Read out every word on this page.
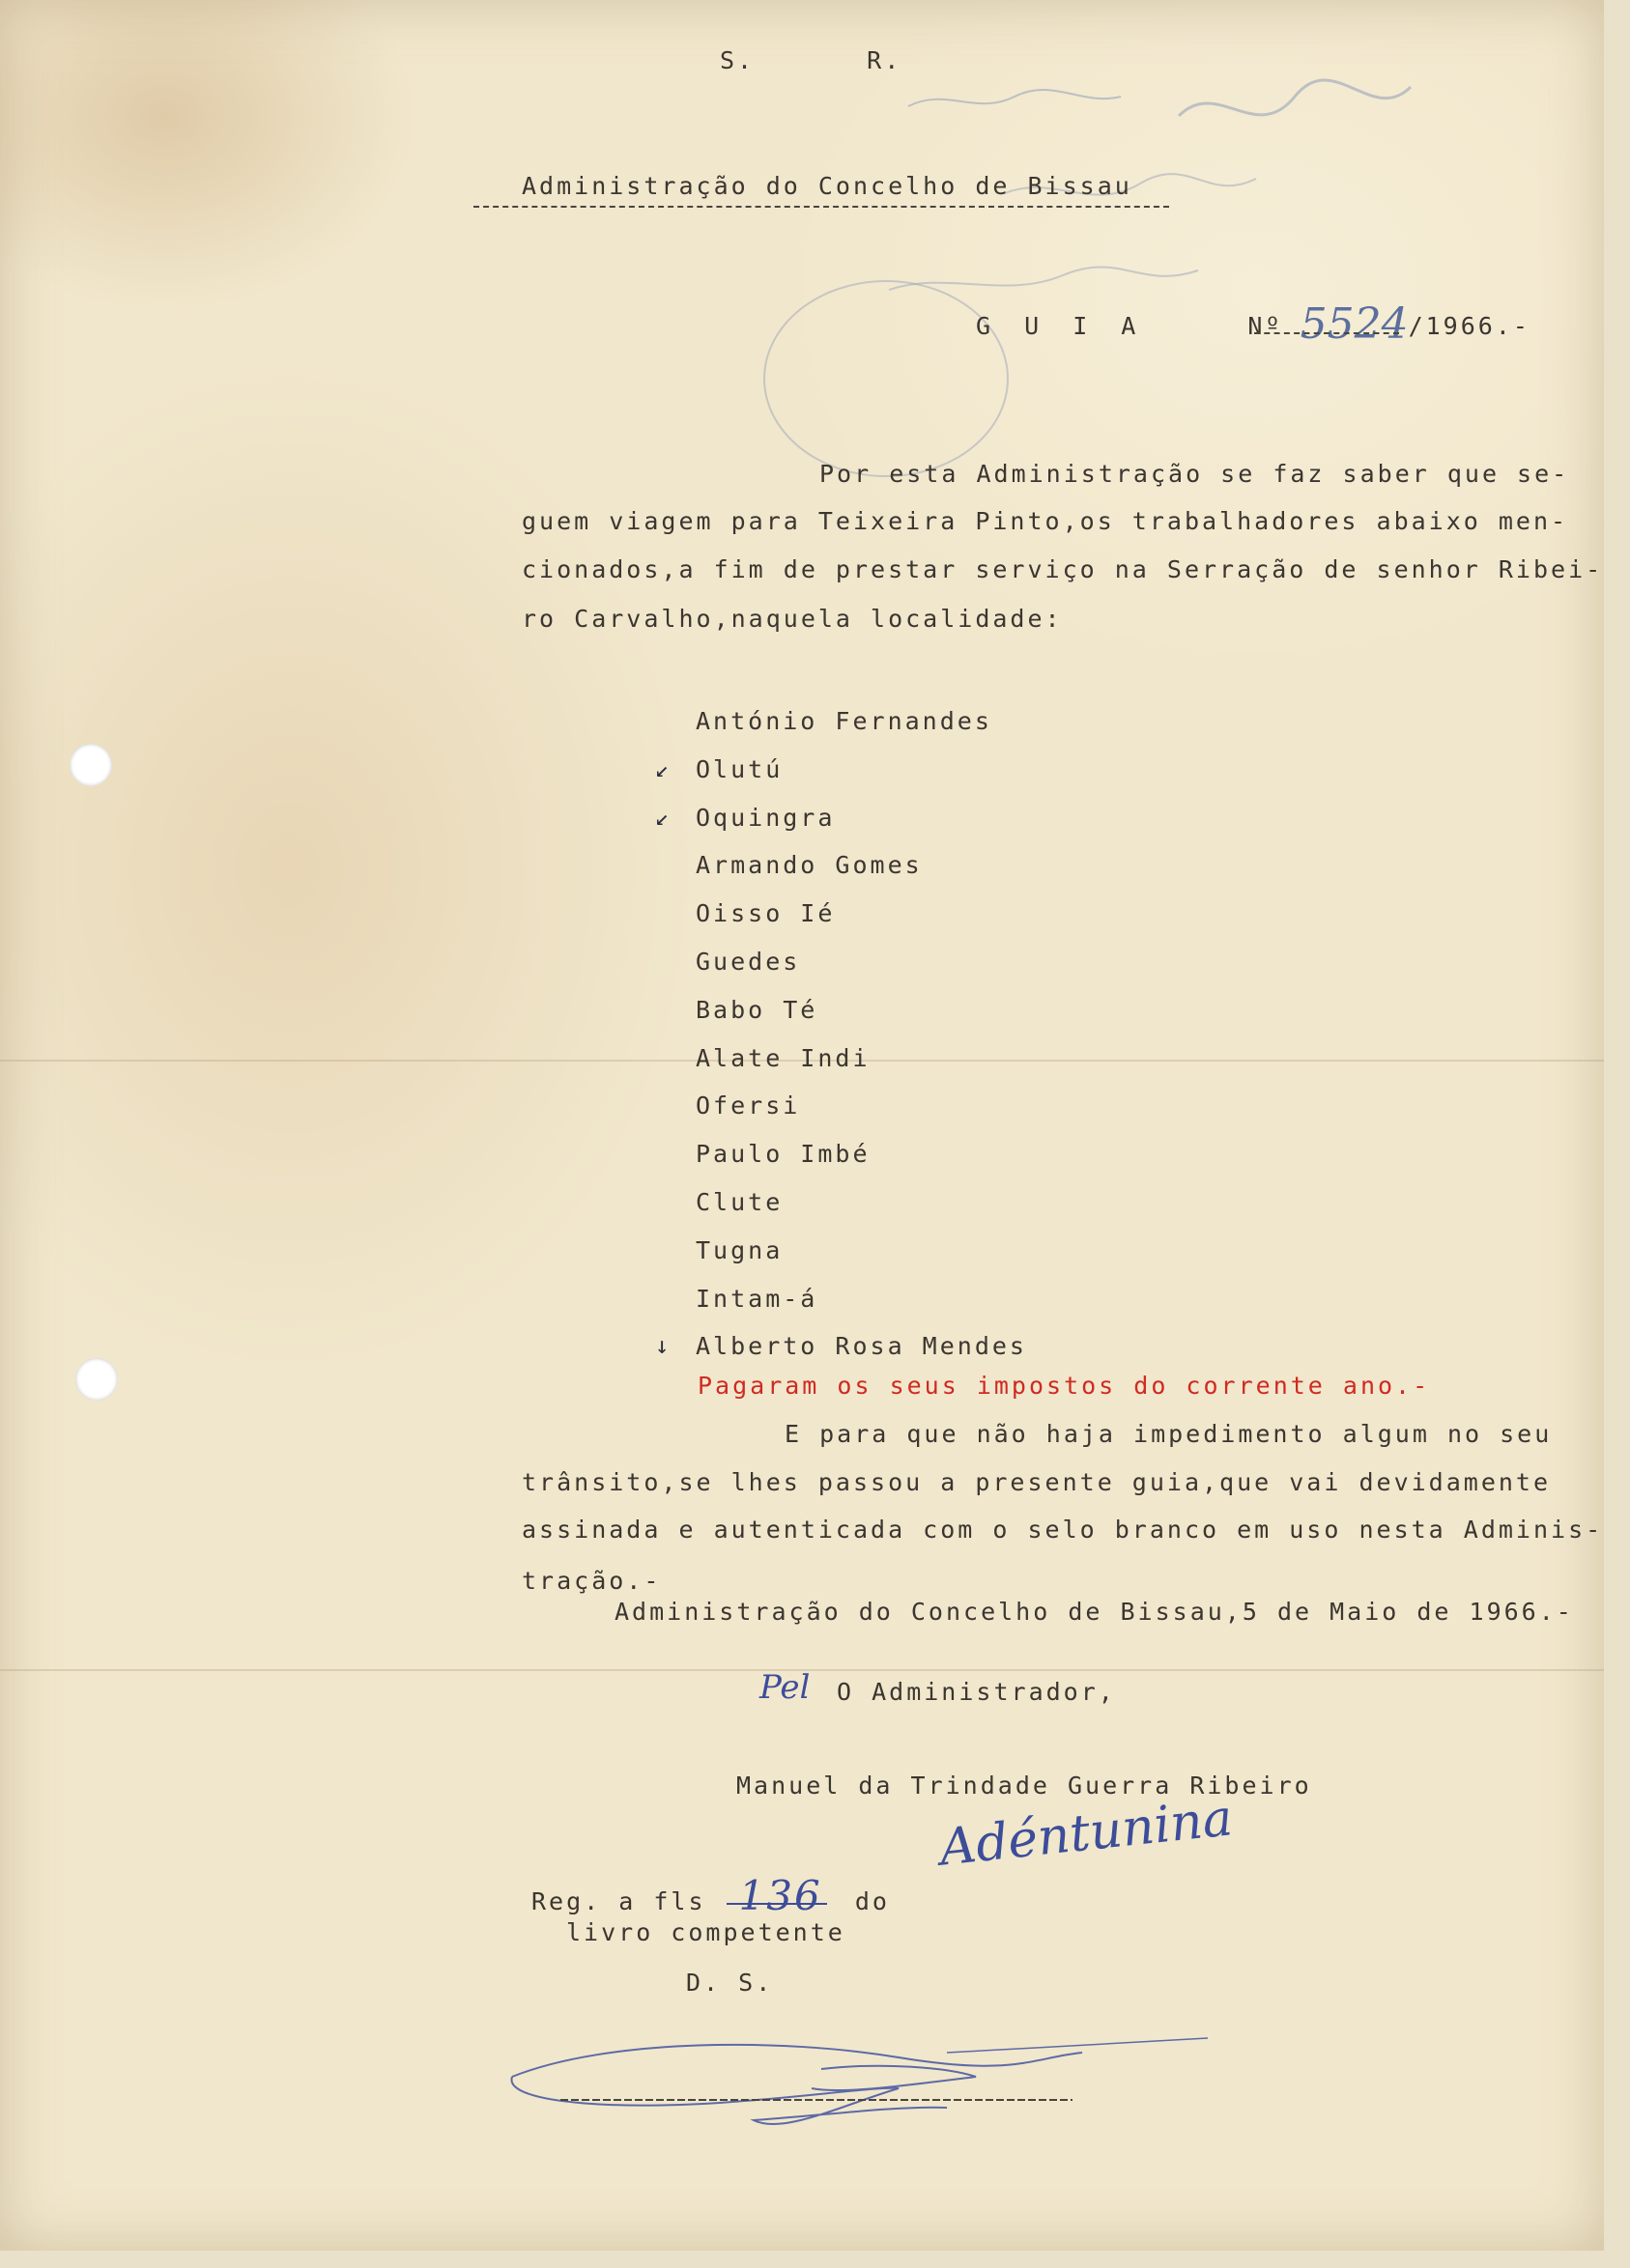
S.	R.
Administração do Concelho de Bissau
G U I A	Nº 5524/1966.-
Por esta Administração se faz saber que se-
guem viagem para Teixeira Pinto,os trabalhadores abaixo men-
cionados,a fim de prestar serviço na Serração de senhor Ribei-
ro Carvalho,naquela localidade:
António Fernandes
↙ Olutú
↙ Oquingra
Armando Gomes
Oisso Ié
Guedes
Babo Té
Alate Indi
Ofersi
Paulo Imbé
Clute
Tugna
Intam-á
↓ Alberto Rosa Mendes
Pagaram os seus impostos do corrente ano.-
E para que não haja impedimento algum no seu
trânsito,se lhes passou a presente guia,que vai devidamente
assinada e autenticada com o selo branco em uso nesta Adminis-
tração.-
Administração do Concelho de Bissau,5 de Maio de 1966.-
Pel O Administrador,
Manuel da Trindade Guerra Ribeiro
Adéntunina
Reg. a fls 136 do
livro competente
D. S.
